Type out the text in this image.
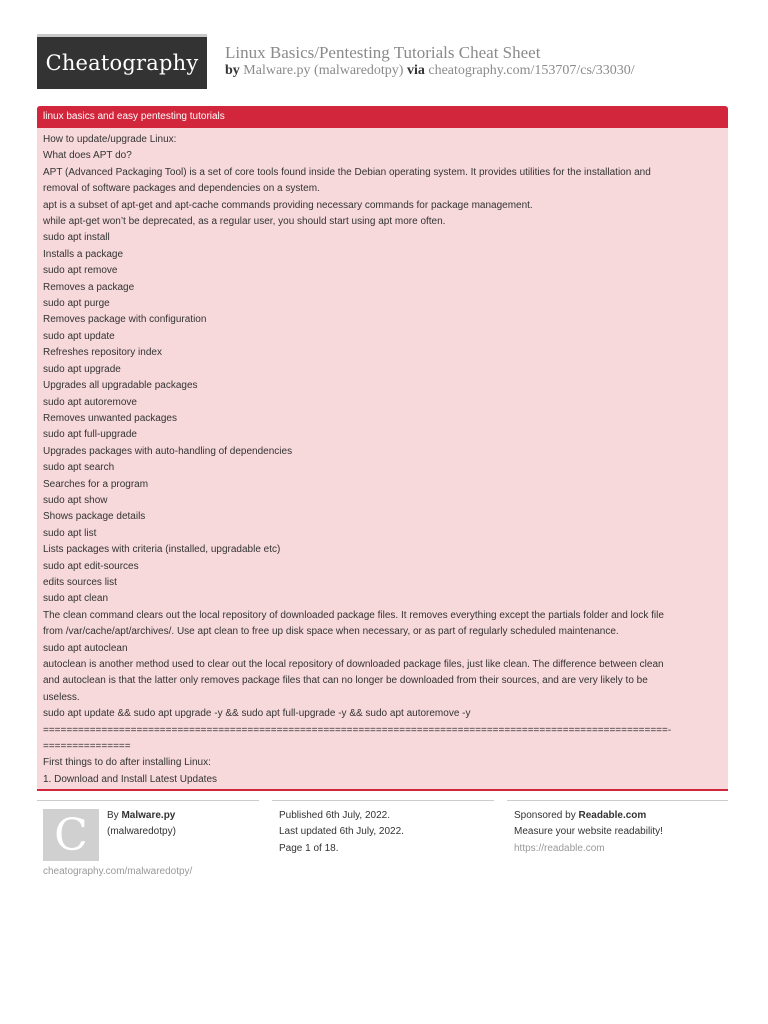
Cheatography Linux Basics/Pentesting Tutorials Cheat Sheet
by Malware.py (malwaredotpy) via cheatography.com/153707/cs/33030/
linux basics and easy pentesting tutorials
How to update/upgrade Linux:
What does APT do?
APT (Advanced Packaging Tool) is a set of core tools found inside the Debian operating system. It provides utilities for the installation and
removal of software packages and dependencies on a system.
apt is a subset of apt-get and apt-cache commands providing necessary commands for package management.
while apt-get won’t be deprecated, as a regular user, you should start using apt more often.
sudo apt install
Installs a package
sudo apt remove
Removes a package
sudo apt purge
Removes package with configuration
sudo apt update
Refreshes repository index
sudo apt upgrade
Upgrades all upgradable packages
sudo apt autoremove
Removes unwanted packages
sudo apt full-upgrade
Upgrades packages with auto-handling of dependencies
sudo apt search
Searches for a program
sudo apt show
Shows package details
sudo apt list
Lists packages with criteria (installed, upgradable etc)
sudo apt edit-sources
edits sources list
sudo apt clean
The clean command clears out the local repository of downloaded package files. It removes everything except the partials folder and lock file
from /var/cache/apt/archives/. Use apt clean to free up disk space when necessary, or as part of regularly scheduled maintenance.
sudo apt autoclean
autoclean is another method used to clear out the local repository of downloaded package files, just like clean. The difference between clean
and autoclean is that the latter only removes package files that can no longer be downloaded from their sources, and are very likely to be
useless.
sudo apt update && sudo apt upgrade -y && sudo apt full-upgrade -y && sudo apt autoremove -y
===========================================================================================================-
===============
First things to do after installing Linux:
1. Download and Install Latest Updates
C By Malware.py
(malwaredotpy)
Published 6th July, 2022.
Last updated 6th July, 2022.
Page 1 of 18.
Sponsored by Readable.com
Measure your website readability!
https://readable.com
cheatography.com/malwaredotpy/
